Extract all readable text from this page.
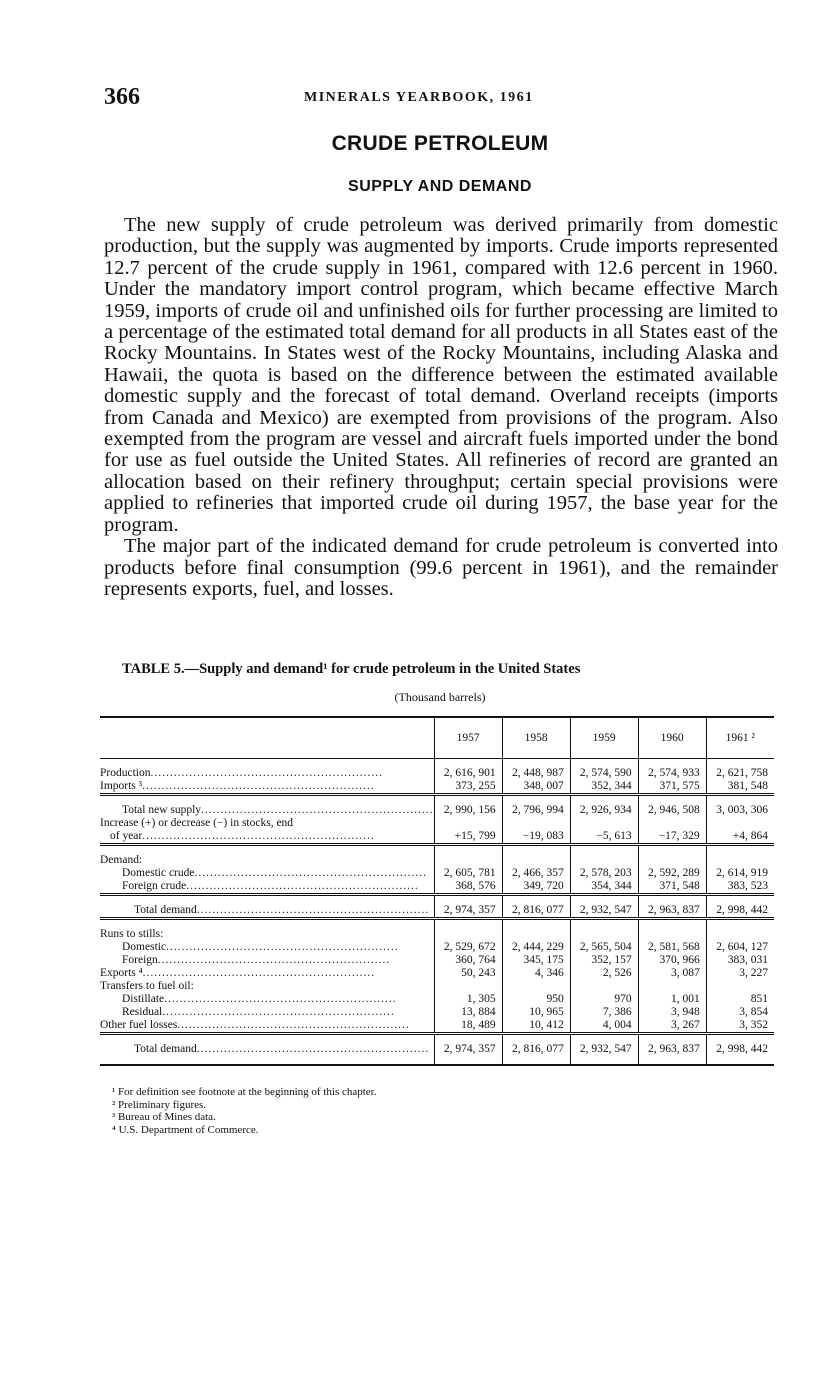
366	MINERALS YEARBOOK, 1961
CRUDE PETROLEUM
SUPPLY AND DEMAND

The new supply of crude petroleum was derived primarily from domestic production, but the supply was augmented by imports. Crude imports represented 12.7 percent of the crude supply in 1961, compared with 12.6 percent in 1960. Under the mandatory import control program, which became effective March 1959, imports of crude oil and unfinished oils for further processing are limited to a percentage of the estimated total demand for all products in all States east of the Rocky Mountains. In States west of the Rocky Mountains, including Alaska and Hawaii, the quota is based on the difference between the estimated available domestic supply and the forecast of total demand. Overland receipts (imports from Canada and Mexico) are exempted from provisions of the program. Also exempted from the program are vessel and aircraft fuels imported under the bond for use as fuel outside the United States. All refineries of record are granted an allocation based on their refinery throughput; certain special provisions were applied to refineries that imported crude oil during 1957, the base year for the program.

The major part of the indicated demand for crude petroleum is converted into products before final consumption (99.6 percent in 1961), and the remainder represents exports, fuel, and losses.

TABLE 5.—Supply and demand¹ for crude petroleum in the United States
(Thousand barrels)
	1957	1958	1959	1960	1961 ²

Production .....	2, 616, 901	2, 448, 987	2, 574, 590	2, 574, 933	2, 621, 758

Imports ³ .....	373, 255	348, 007	352, 344	371, 575	381, 548

Total new supply .....	2, 990, 156	2, 796, 994	2, 926, 934	2, 946, 508	3, 003, 306

Increase (+) or decrease (−) in stocks, end					

of year .....	+15, 799	−19, 083	−5, 613	−17, 329	+4, 864

Demand:					

Domestic crude .....	2, 605, 781	2, 466, 357	2, 578, 203	2, 592, 289	2, 614, 919

Foreign crude .....	368, 576	349, 720	354, 344	371, 548	383, 523

Total demand .....	2, 974, 357	2, 816, 077	2, 932, 547	2, 963, 837	2, 998, 442

Runs to stills:					

Domestic .....	2, 529, 672	2, 444, 229	2, 565, 504	2, 581, 568	2, 604, 127

Foreign .....	360, 764	345, 175	352, 157	370, 966	383, 031

Exports ⁴ .....	50, 243	4, 346	2, 526	3, 087	3, 227
Transfers to fuel oil:					

Distillate .....	1, 305	950	970	1, 001	851

Residual .....	13, 884	10, 965	7, 386	3, 948	3, 854

Other fuel losses .....	18, 489	10, 412	4, 004	3, 267	3, 352

Total demand .....	2, 974, 357	2, 816, 077	2, 932, 547	2, 963, 837	2, 998, 442
¹ For definition see footnote at the beginning of this chapter.
² Preliminary figures.
³ Bureau of Mines data.
⁴ U.S. Department of Commerce.
